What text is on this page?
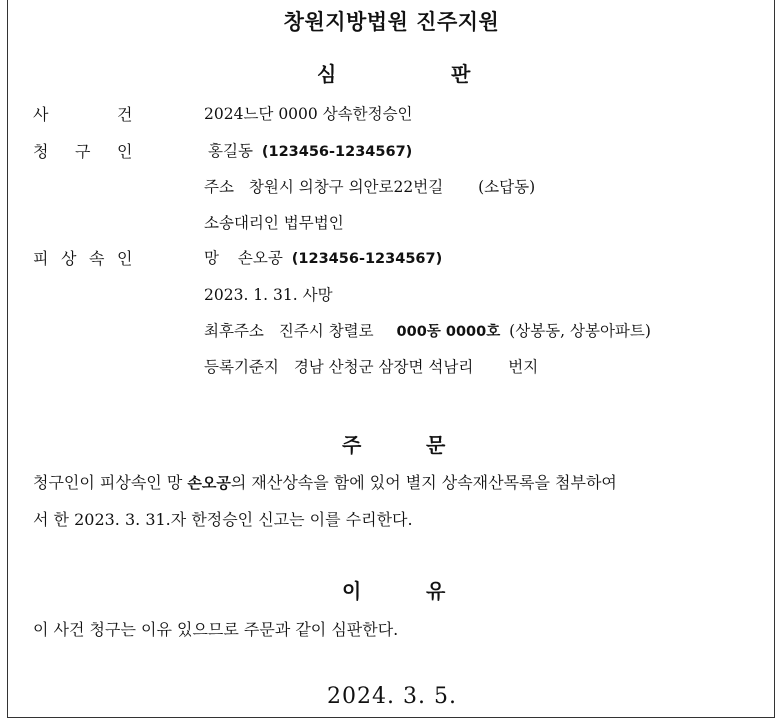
창원지방법원 진주지원
심	판
사	건	2024느단 0000 상속한정승인
청 구 인	홍길동 (123456-1234567)
주소 창원시 의창구 의안로22번길 (소답동)
소송대리인 법무법인
피 상 속 인	망 손오공 (123456-1234567)
2023. 1. 31. 사망
최후주소 진주시 창렬로 000동 0000호 (상봉동, 상봉아파트)
등록기준지 경남 산청군 삼장면 석남리 번지
주	문
청구인이 피상속인 망 손오공의 재산상속을 함에 있어 별지 상속재산목록을 첨부하여
서 한 2023. 3. 31.자 한정승인 신고는 이를 수리한다.
이	유
이 사건 청구는 이유 있으므로 주문과 같이 심판한다.
2024. 3. 5.
